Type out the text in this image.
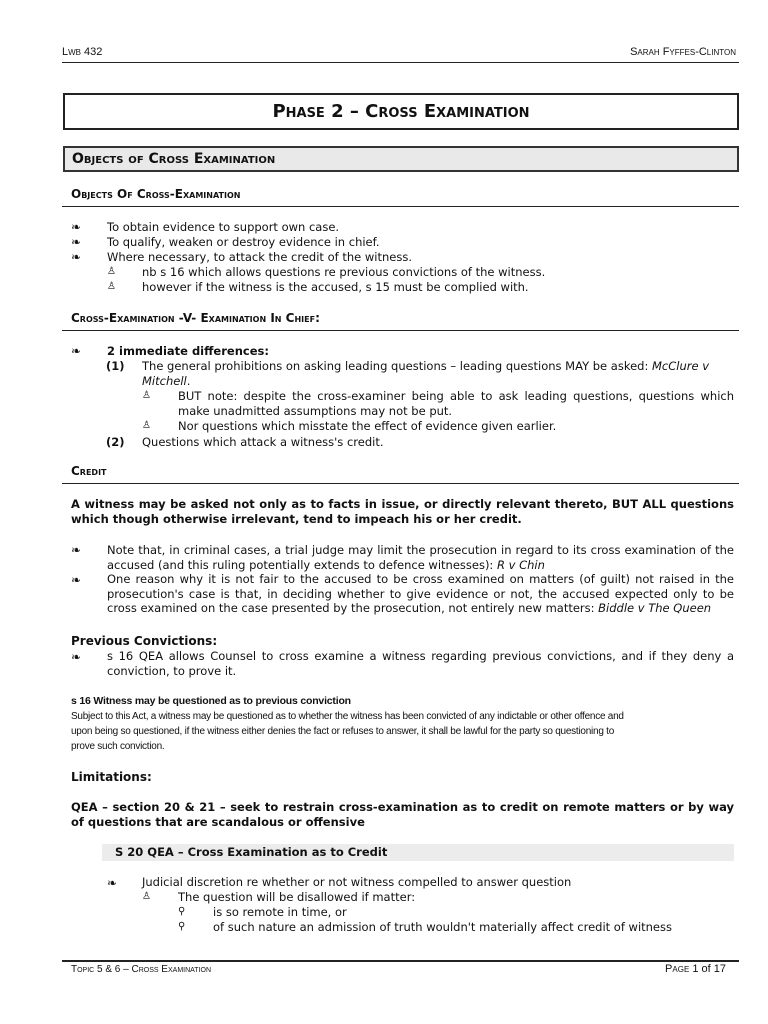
Lwb 432	Sarah Fyffes-Clinton
Phase 2 – Cross Examination
Objects of Cross Examination
Objects Of Cross-Examination
❧ To obtain evidence to support own case.
❧ To qualify, weaken or destroy evidence in chief.
❧ Where necessary, to attack the credit of the witness.
♙ nb s 16 which allows questions re previous convictions of the witness.
♙ however if the witness is the accused, s 15 must be complied with.
Cross-Examination -V- Examination In Chief:
❧ 2 immediate differences:
(1) The general prohibitions on asking leading questions – leading questions MAY be asked: McClure v
Mitchell.
♙ BUT note: despite the cross-examiner being able to ask leading questions, questions which make unadmitted assumptions may not be put.
♙ Nor questions which misstate the effect of evidence given earlier.
(2) Questions which attack a witness's credit.
Credit
A witness may be asked not only as to facts in issue, or directly relevant thereto, BUT ALL questions which though otherwise irrelevant, tend to impeach his or her credit.
❧ Note that, in criminal cases, a trial judge may limit the prosecution in regard to its cross examination of the accused (and this ruling potentially extends to defence witnesses): R v Chin
❧ One reason why it is not fair to the accused to be cross examined on matters (of guilt) not raised in the prosecution's case is that, in deciding whether to give evidence or not, the accused expected only to be cross examined on the case presented by the prosecution, not entirely new matters: Biddle v The Queen
Previous Convictions:
❧ s 16 QEA allows Counsel to cross examine a witness regarding previous convictions, and if they deny a conviction, to prove it.
s 16 Witness may be questioned as to previous conviction
Subject to this Act, a witness may be questioned as to whether the witness has been convicted of any indictable or other offence and
upon being so questioned, if the witness either denies the fact or refuses to answer, it shall be lawful for the party so questioning to
prove such conviction.
Limitations:
QEA – section 20 & 21 – seek to restrain cross-examination as to credit on remote matters or by way of questions that are scandalous or offensive
S 20 QEA – Cross Examination as to Credit
❧ Judicial discretion re whether or not witness compelled to answer question
♙ The question will be disallowed if matter:
⚲ is so remote in time, or
⚲ of such nature an admission of truth wouldn't materially affect credit of witness
Topic 5 & 6 – Cross Examination	Page 1 of 17
